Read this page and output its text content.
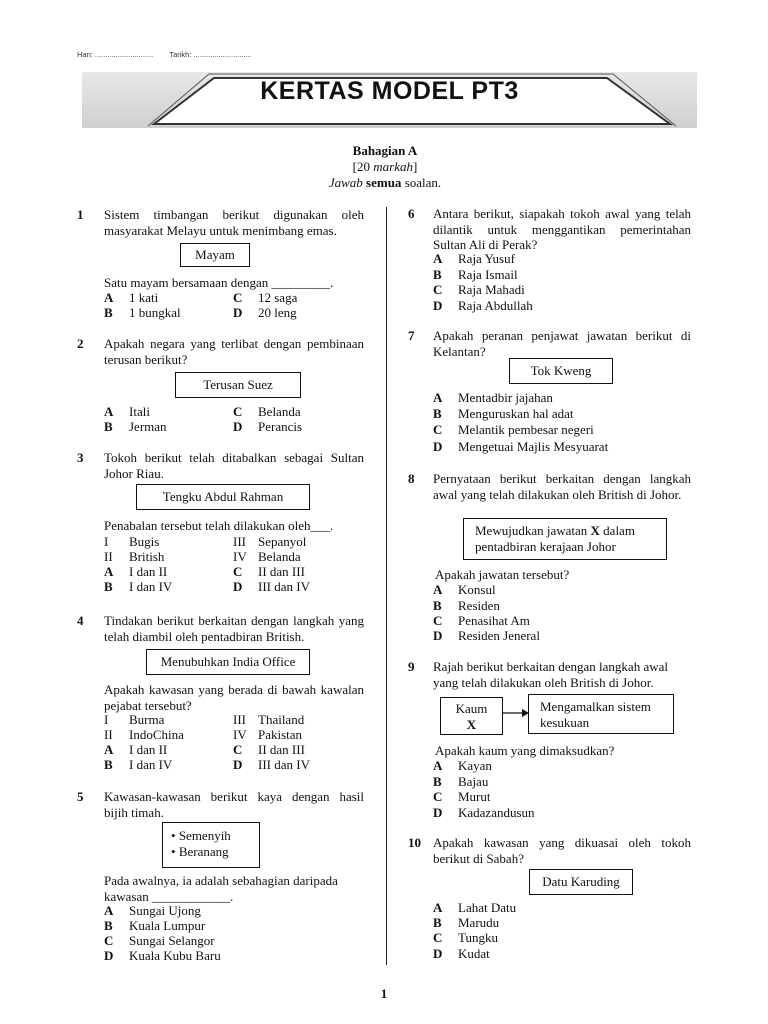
Hari: ............................ Tarikh: ............................
KERTAS MODEL PT3
Bahagian A
[20 markah]
Jawab semua soalan.
1 Sistem timbangan berikut digunakan oleh masyarakat Melayu untuk menimbang emas.
Mayam
Satu mayam bersamaan dengan _________.
A 1 kati	C 12 saga
B 1 bungkal	D 20 leng
2 Apakah negara yang terlibat dengan pembinaan terusan berikut?
Terusan Suez
A Itali	C Belanda
B Jerman	D Perancis
3 Tokoh berikut telah ditabalkan sebagai Sultan Johor Riau.
Tengku Abdul Rahman
Penabalan tersebut telah dilakukan oleh___.
I Bugis	III Sepanyol
II British	IV Belanda
A I dan II	C II dan III
B I dan IV	D III dan IV
4 Tindakan berikut berkaitan dengan langkah yang telah diambil oleh pentadbiran British.
Menubuhkan India Office
Apakah kawasan yang berada di bawah kawalan pejabat tersebut?
I Burma	III Thailand
II IndoChina	IV Pakistan
A I dan II	C II dan III
B I dan IV	D III dan IV
5 Kawasan-kawasan berikut kaya dengan hasil bijih timah.
• Semenyih
• Beranang
Pada awalnya, ia adalah sebahagian daripada kawasan ____________.
A Sungai Ujong
B Kuala Lumpur
C Sungai Selangor
D Kuala Kubu Baru
6 Antara berikut, siapakah tokoh awal yang telah dilantik untuk menggantikan pemerintahan Sultan Ali di Perak?
A Raja Yusuf
B Raja Ismail
C Raja Mahadi
D Raja Abdullah
7 Apakah peranan penjawat jawatan berikut di Kelantan?
Tok Kweng
A Mentadbir jajahan
B Menguruskan hal adat
C Melantik pembesar negeri
D Mengetuai Majlis Mesyuarat
8 Pernyataan berikut berkaitan dengan langkah awal yang telah dilakukan oleh British di Johor.
Mewujudkan jawatan X dalam
pentadbiran kerajaan Johor
Apakah jawatan tersebut?
A Konsul
B Residen
C Penasihat Am
D Residen Jeneral
9 Rajah berikut berkaitan dengan langkah awal yang telah dilakukan oleh British di Johor.
Kaum
X
Mengamalkan sistem
kesukuan
Apakah kaum yang dimaksudkan?
A Kayan
B Bajau
C Murut
D Kadazandusun
10 Apakah kawasan yang dikuasai oleh tokoh berikut di Sabah?
Datu Karuding
A Lahat Datu
B Marudu
C Tungku
D Kudat
1
